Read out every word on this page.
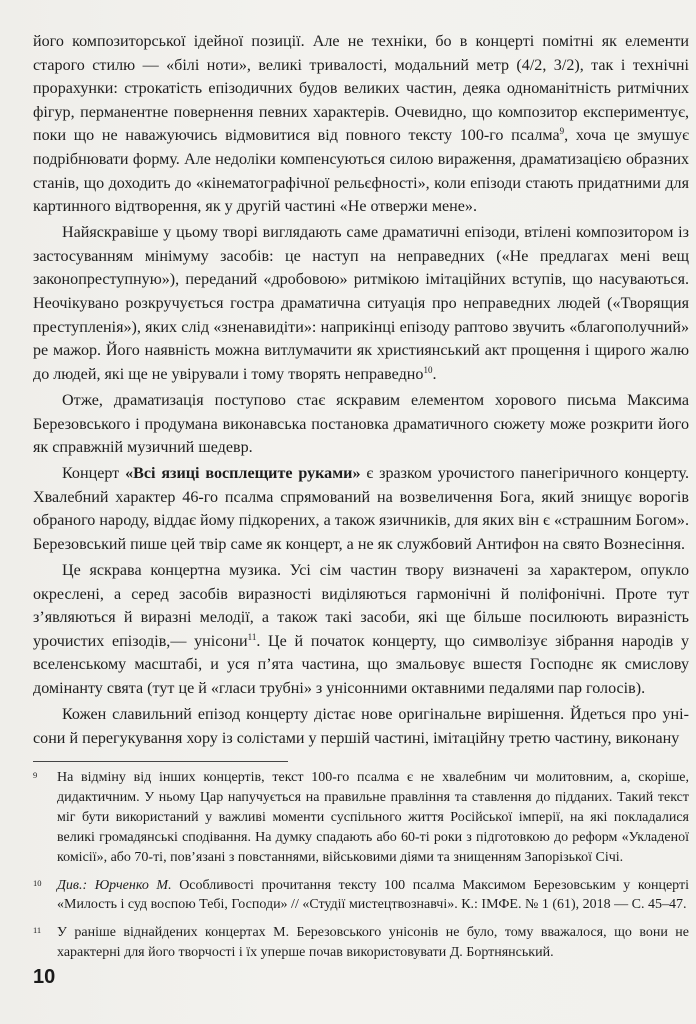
його композиторської ідейної позиції. Але не техніки, бо в концерті помітні як елементи старого стилю — «білі ноти», великі тривалості, модальний метр (4/2, 3/2), так і технічні прорахунки: строкатість епізодичних будов великих частин, деяка одноманітність ритмічних фігур, перманентне повернення певних характерів. Очевидно, що композитор експериментує, поки що не наважуючись відмовитися від повного тексту 100-го псалма$^9$, хоча це змушує подрібнювати форму. Але недоліки компенсуються силою вираження, драматизацією образних станів, що доходить до «кінематографічної рельєфності», коли епізоди стають придатними для картинного відтворення, як у другій частині «Не отвержи мене».

Найяскравіше у цьому творі виглядають саме драматичні епізоди, втілені композитором із застосуванням мінімуму засобів: це наступ на неправедних («Не предлагах мені вещ законопреступную»), переданий «дробовою» ритмікою імітаційних вступів, що насуваються. Неочікувано розкручується гостра драматична ситуація про неправедних людей («Творящия преступленія»), яких слід «зненавидіти»: наприкінці епізоду раптово звучить «благополучний» ре мажор. Його наявність можна витлумачити як християнський акт прощення і щирого жалю до людей, які ще не увірували і тому творять неправедно$^{10}$.

Отже, драматизація поступово стає яскравим елементом хорового письма Максима Березовського і продумана виконавська постановка драматичного сюжету може розкрити його як справжній музичний шедевр.

Концерт «Всі язиці восплещите руками» є зразком урочистого панегіричного концерту. Хвалебний характер 46-го псалма спрямований на возвеличення Бога, який знищує ворогів обраного народу, віддає йому підкорених, а також язичників, для яких він є «страшним Богом». Березовський пише цей твір саме як концерт, а не як службовий Антифон на свято Вознесіння.

Це яскрава концертна музика. Усі сім частин твору визначені за характером, опукло окреслені, а серед засобів виразності виділяються гармонічні й поліфонічні. Проте тут з’являються й виразні мелодії, а також такі засоби, які ще більше посилюють виразність урочистих епізодів,— унісони$^{11}$. Це й початок концерту, що символізує зібрання народів у вселенському масштабі, и уся п’ята частина, що змальовує вшестя Господнє як смислову домінанту свята (тут це й «гласи трубні» з унісонними октавними педалями пар голосів).

Кожен славильний епізод концерту дістає нове оригінальне вирішення. Йдеться про унісони й перегукування хору із солістами у першій частині, імітаційну третю частину, виконану

9 На відміну від інших концертів, текст 100-го псалма є не хвалебним чи молитовним, а, скоріше, дидактичним. У ньому Цар напучується на правильне правління та ставлення до підданих. Такий текст міг бути використаний у важливі моменти суспільного життя Російської імперії, на які покладалися великі громадянські сподівання. На думку спадають або 60-ті роки з підготовкою до реформ «Укладеної комісії», або 70-ті, пов’язані з повстаннями, військовими діями та знищенням Запорізької Січі.
10 Див.: Юрченко М. Особливості прочитання тексту 100 псалма Максимом Березовським у концерті «Милость і суд воспою Тебі, Господи» // «Студії мистецтвознавчі». К.: ІМФЕ. № 1 (61), 2018 — С. 45–47.
11 У раніше віднайдених концертах М. Березовського унісонів не було, тому вважалося, що вони не характерні для його творчості і їх уперше почав використовувати Д. Бортнянський.
10
